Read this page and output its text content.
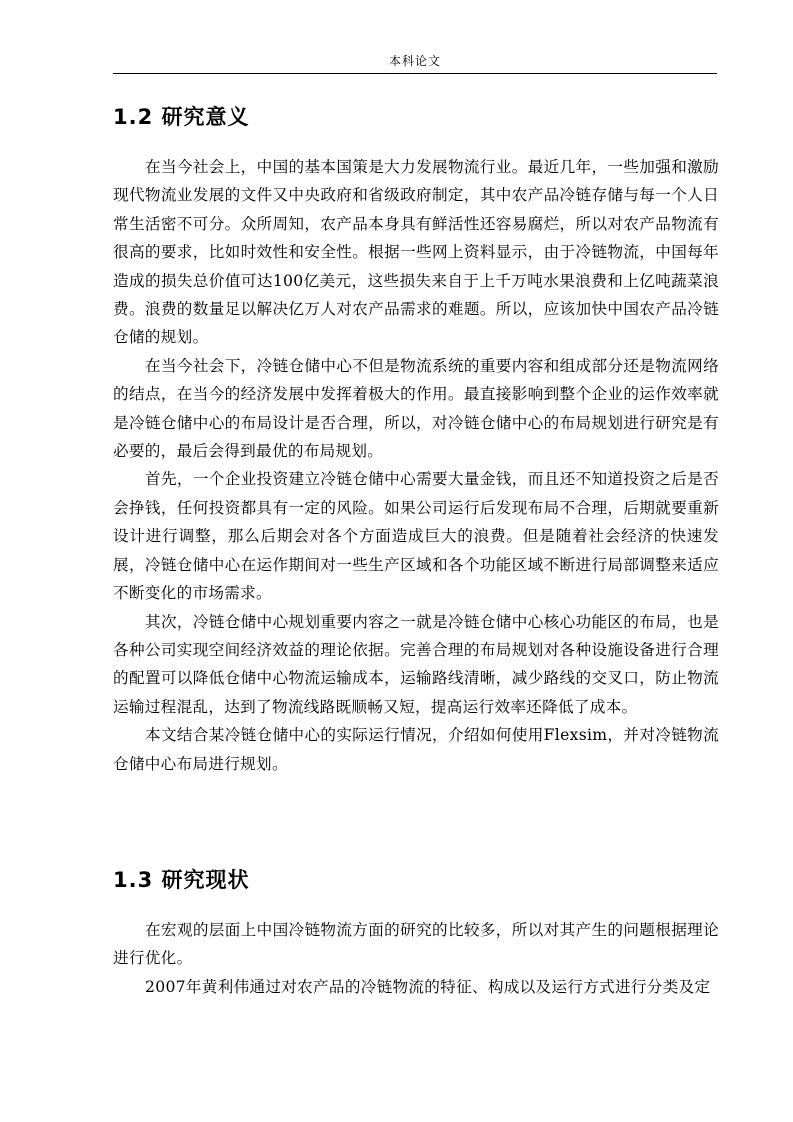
本科论文
1.2 研究意义

在当今社会上，中国的基本国策是大力发展物流行业。最近几年，一些加强和激励现代物流业发展的文件又中央政府和省级政府制定，其中农产品冷链存储与每一个人日常生活密不可分。众所周知，农产品本身具有鲜活性还容易腐烂，所以对农产品物流有很高的要求，比如时效性和安全性。根据一些网上资料显示，由于冷链物流，中国每年造成的损失总价值可达100亿美元，这些损失来自于上千万吨水果浪费和上亿吨蔬菜浪费。浪费的数量足以解决亿万人对农产品需求的难题。所以，应该加快中国农产品冷链仓储的规划。

在当今社会下，冷链仓储中心不但是物流系统的重要内容和组成部分还是物流网络的结点，在当今的经济发展中发挥着极大的作用。最直接影响到整个企业的运作效率就是冷链仓储中心的布局设计是否合理，所以，对冷链仓储中心的布局规划进行研究是有必要的，最后会得到最优的布局规划。

首先，一个企业投资建立冷链仓储中心需要大量金钱，而且还不知道投资之后是否会挣钱，任何投资都具有一定的风险。如果公司运行后发现布局不合理，后期就要重新设计进行调整，那么后期会对各个方面造成巨大的浪费。但是随着社会经济的快速发展，冷链仓储中心在运作期间对一些生产区域和各个功能区域不断进行局部调整来适应不断变化的市场需求。

其次，冷链仓储中心规划重要内容之一就是冷链仓储中心核心功能区的布局，也是各种公司实现空间经济效益的理论依据。完善合理的布局规划对各种设施设备进行合理的配置可以降低仓储中心物流运输成本，运输路线清晰，减少路线的交叉口，防止物流运输过程混乱，达到了物流线路既顺畅又短，提高运行效率还降低了成本。

本文结合某冷链仓储中心的实际运行情况，介绍如何使用Flexsim，并对冷链物流仓储中心布局进行规划。

1.3 研究现状

在宏观的层面上中国冷链物流方面的研究的比较多，所以对其产生的问题根据理论进行优化。

2007年黄利伟通过对农产品的冷链物流的特征、构成以及运行方式进行分类及定
